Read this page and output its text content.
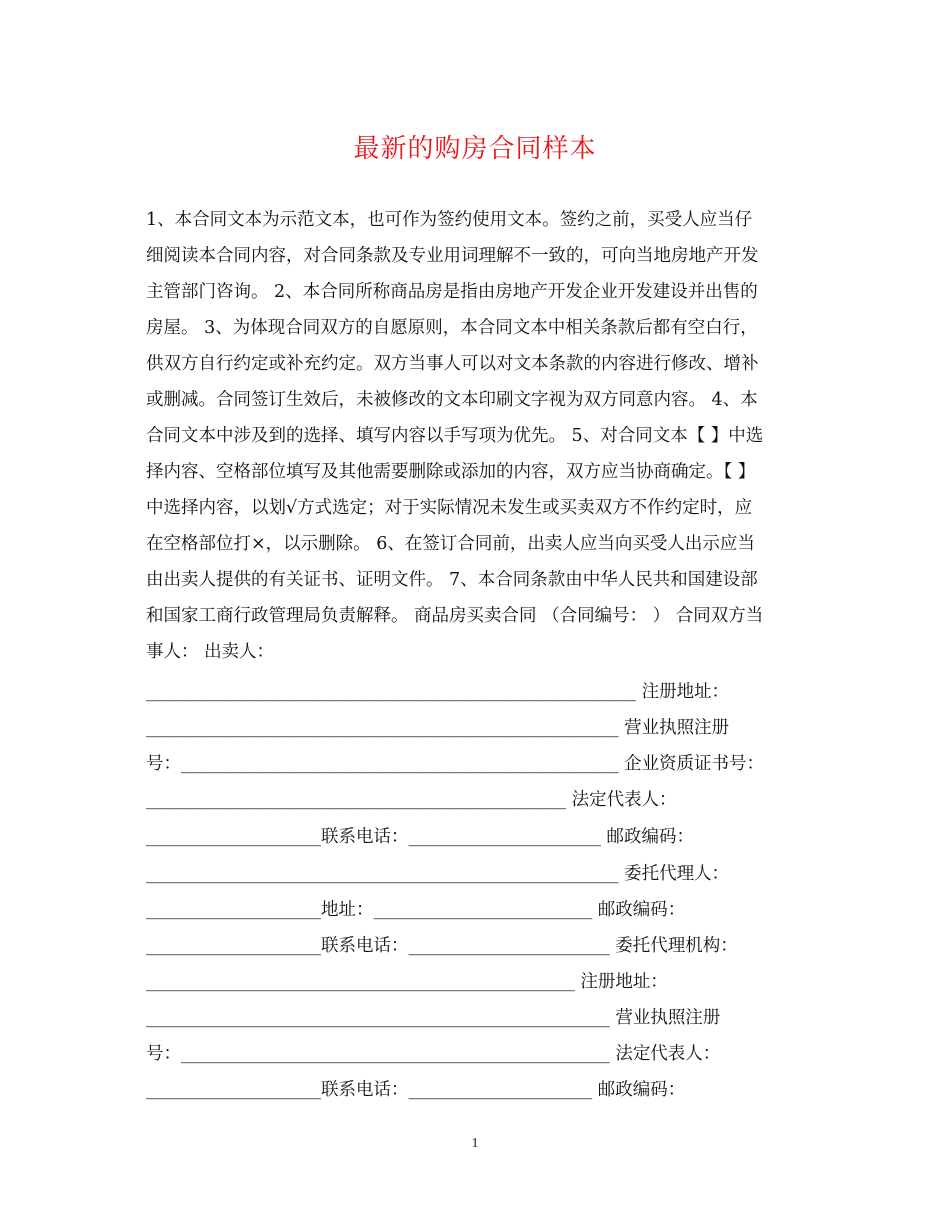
最新的购房合同样本
1、本合同文本为示范文本，也可作为签约使用文本。签约之前，买受人应当仔
细阅读本合同内容，对合同条款及专业用词理解不一致的，可向当地房地产开发
主管部门咨询。 2、本合同所称商品房是指由房地产开发企业开发建设并出售的
房屋。 3、为体现合同双方的自愿原则，本合同文本中相关条款后都有空白行，
供双方自行约定或补充约定。双方当事人可以对文本条款的内容进行修改、增补
或删减。合同签订生效后，未被修改的文本印刷文字视为双方同意内容。 4、本
合同文本中涉及到的选择、填写内容以手写项为优先。 5、对合同文本【 】中选
择内容、空格部位填写及其他需要删除或添加的内容，双方应当协商确定。【 】
中选择内容，以划√方式选定；对于实际情况未发生或买卖双方不作约定时，应
在空格部位打×，以示删除。 6、在签订合同前，出卖人应当向买受人出示应当
由出卖人提供的有关证书、证明文件。 7、本合同条款由中华人民共和国建设部
和国家工商行政管理局负责解释。 商品房买卖合同 （合同编号： ） 合同双方当
事人： 出卖人：
________________________________________________________ 注册地址：
______________________________________________________ 营业执照注册
号：__________________________________________________ 企业资质证书号：
________________________________________________ 法定代表人：
____________________联系电话：______________________ 邮政编码：
______________________________________________________ 委托代理人：
____________________地址：_________________________ 邮政编码：
____________________联系电话：_______________________ 委托代理机构：
_________________________________________________ 注册地址：
_____________________________________________________ 营业执照注册
号：_________________________________________________ 法定代表人：
____________________联系电话：_____________________ 邮政编码：
1
